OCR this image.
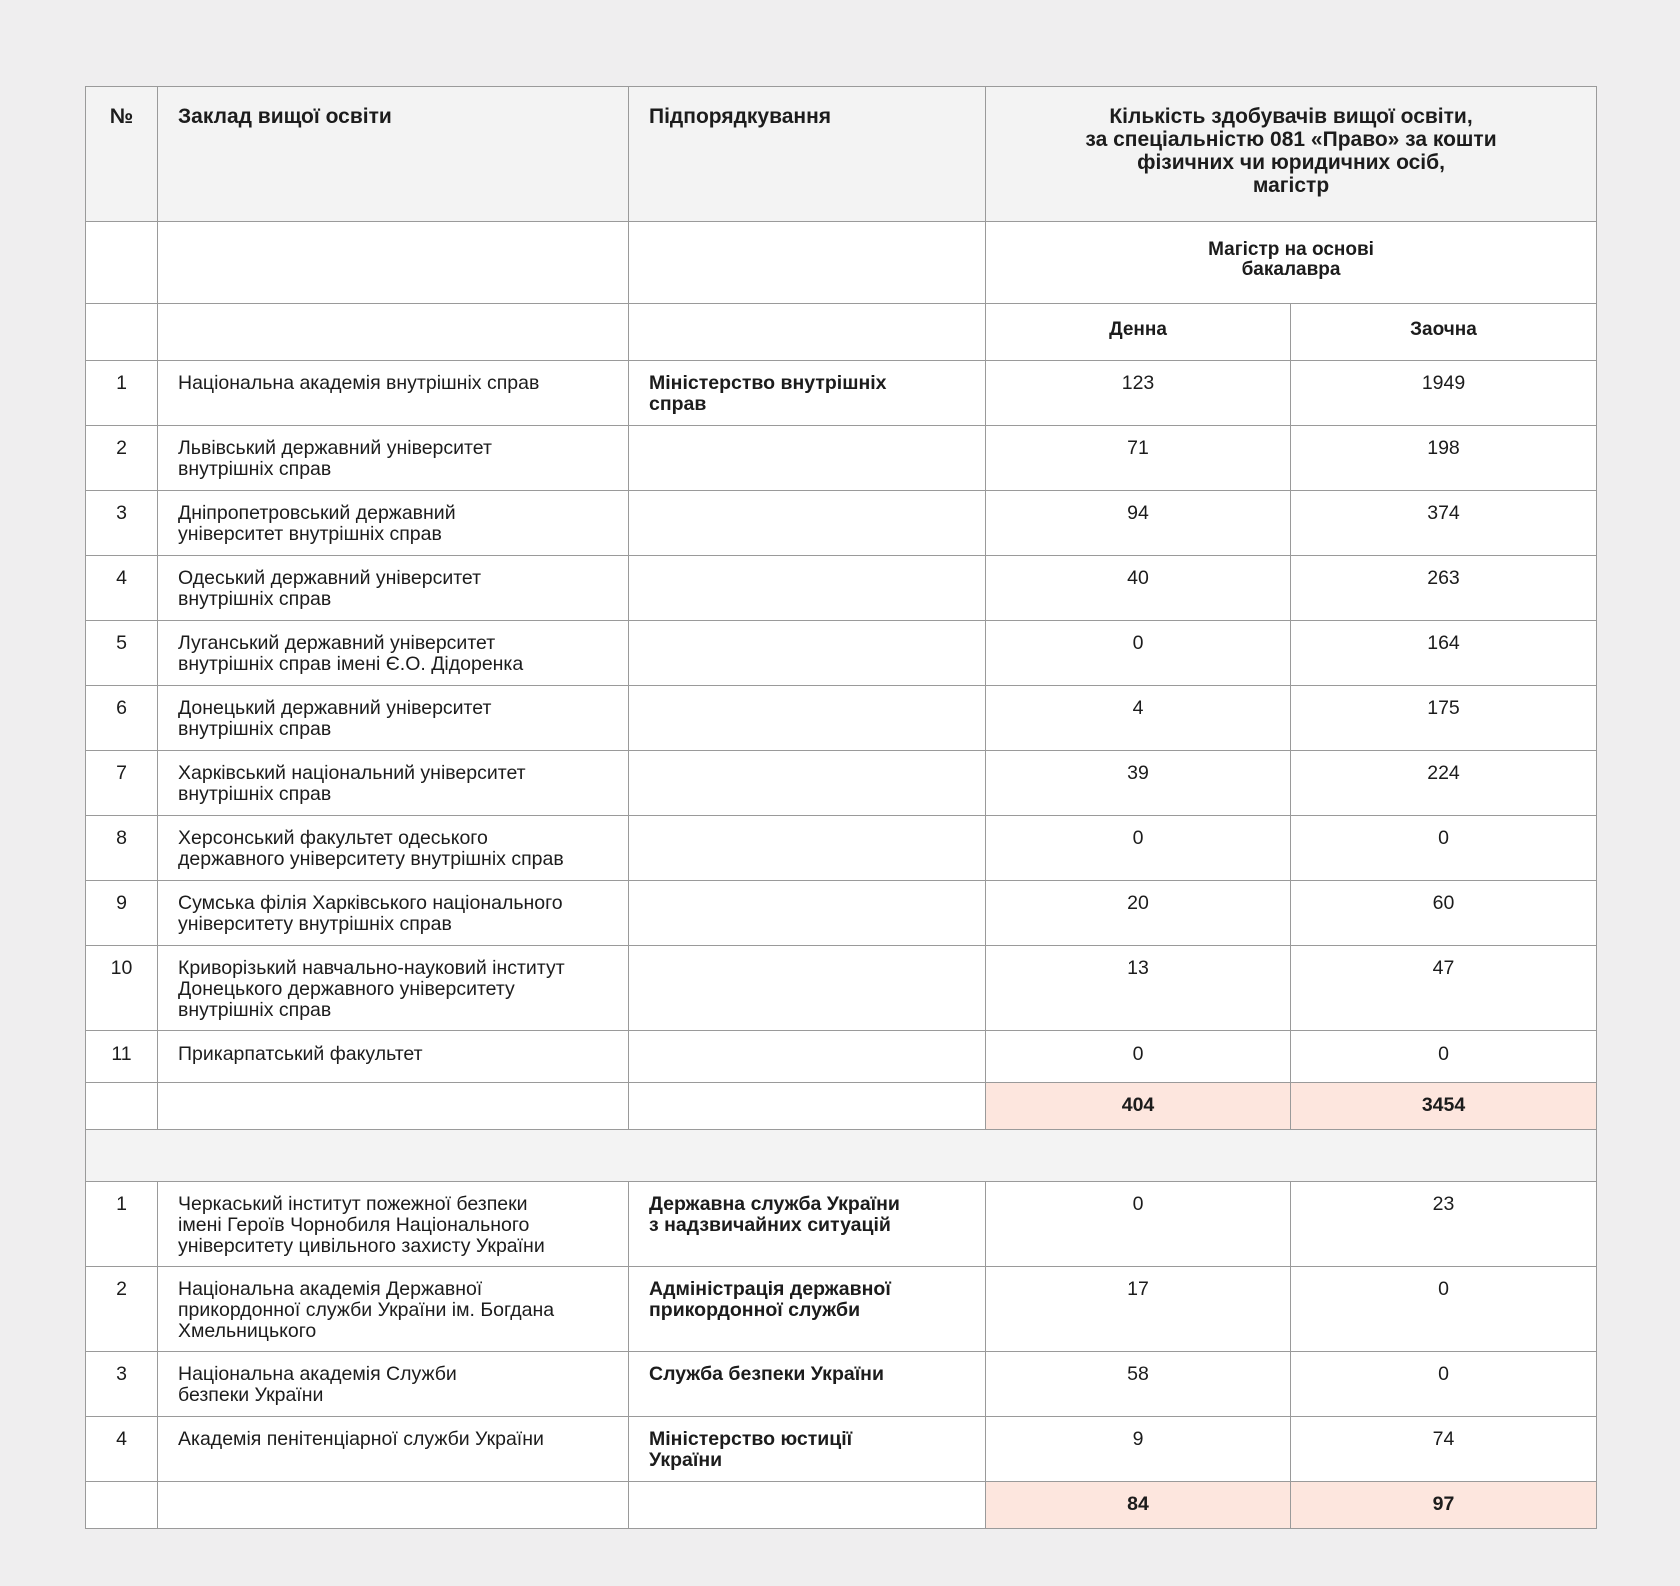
№	Заклад вищої освіти	Підпорядкування	Кількість здобувачів вищої освіти,
за спеціальністю 081 «Право» за кошти
фізичних чи юридичних осіб,
магістр	
			Магістр на основі
бакалавра	
			Денна	Заочна
1	Національна академія внутрішніх справ	Міністерство внутрішніх
справ	123	1949
2	Львівський державний університет
внутрішніх справ		71	198
3	Дніпропетровський державний
університет внутрішніх справ		94	374
4	Одеський державний університет
внутрішніх справ		40	263
5	Луганський державний університет
внутрішніх справ імені Є.О. Дідоренка		0	164
6	Донецький державний університет
внутрішніх справ		4	175
7	Харківський національний університет
внутрішніх справ		39	224
8	Херсонський факультет одеського
державного університету внутрішніх справ		0	0
9	Сумська філія Харківського національного
університету внутрішніх справ		20	60
10	Криворізький навчально-науковий інститут
Донецького державного університету
внутрішніх справ		13	47
11	Прикарпатський факультет		0	0
			404	3454

1	Черкаський інститут пожежної безпеки
імені Героїв Чорнобиля Національного
університету цивільного захисту України	Державна служба України
з надзвичайних ситуацій	0	23
2	Національна академія Державної
прикордонної служби України ім. Богдана
Хмельницького	Адміністрація державної
прикордонної служби	17	0
3	Національна академія Служби
безпеки України	Служба безпеки України	58	0
4	Академія пенітенціарної служби України	Міністерство юстиції
України	9	74
			84	97
